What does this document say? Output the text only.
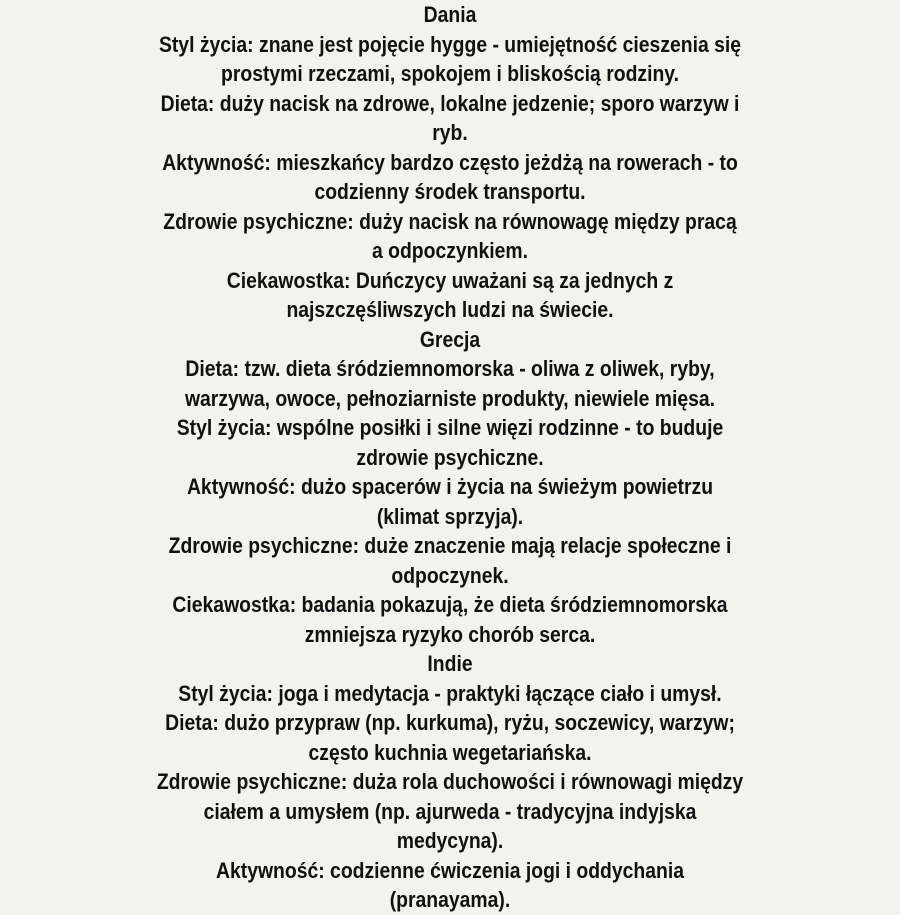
Dania
Styl życia: znane jest pojęcie hygge - umiejętność cieszenia się
prostymi rzeczami, spokojem i bliskością rodziny.
Dieta: duży nacisk na zdrowe, lokalne jedzenie; sporo warzyw i
ryb.
Aktywność: mieszkańcy bardzo często jeżdżą na rowerach - to
codzienny środek transportu.
Zdrowie psychiczne: duży nacisk na równowagę między pracą
a odpoczynkiem.
Ciekawostka: Duńczycy uważani są za jednych z
najszczęśliwszych ludzi na świecie.
Grecja
Dieta: tzw. dieta śródziemnomorska - oliwa z oliwek, ryby,
warzywa, owoce, pełnoziarniste produkty, niewiele mięsa.
Styl życia: wspólne posiłki i silne więzi rodzinne - to buduje
zdrowie psychiczne.
Aktywność: dużo spacerów i życia na świeżym powietrzu
(klimat sprzyja).
Zdrowie psychiczne: duże znaczenie mają relacje społeczne i
odpoczynek.
Ciekawostka: badania pokazują, że dieta śródziemnomorska
zmniejsza ryzyko chorób serca.
Indie
Styl życia: joga i medytacja - praktyki łączące ciało i umysł.
Dieta: dużo przypraw (np. kurkuma), ryżu, soczewicy, warzyw;
często kuchnia wegetariańska.
Zdrowie psychiczne: duża rola duchowości i równowagi między
ciałem a umysłem (np. ajurweda - tradycyjna indyjska
medycyna).
Aktywność: codzienne ćwiczenia jogi i oddychania
(pranayama).
